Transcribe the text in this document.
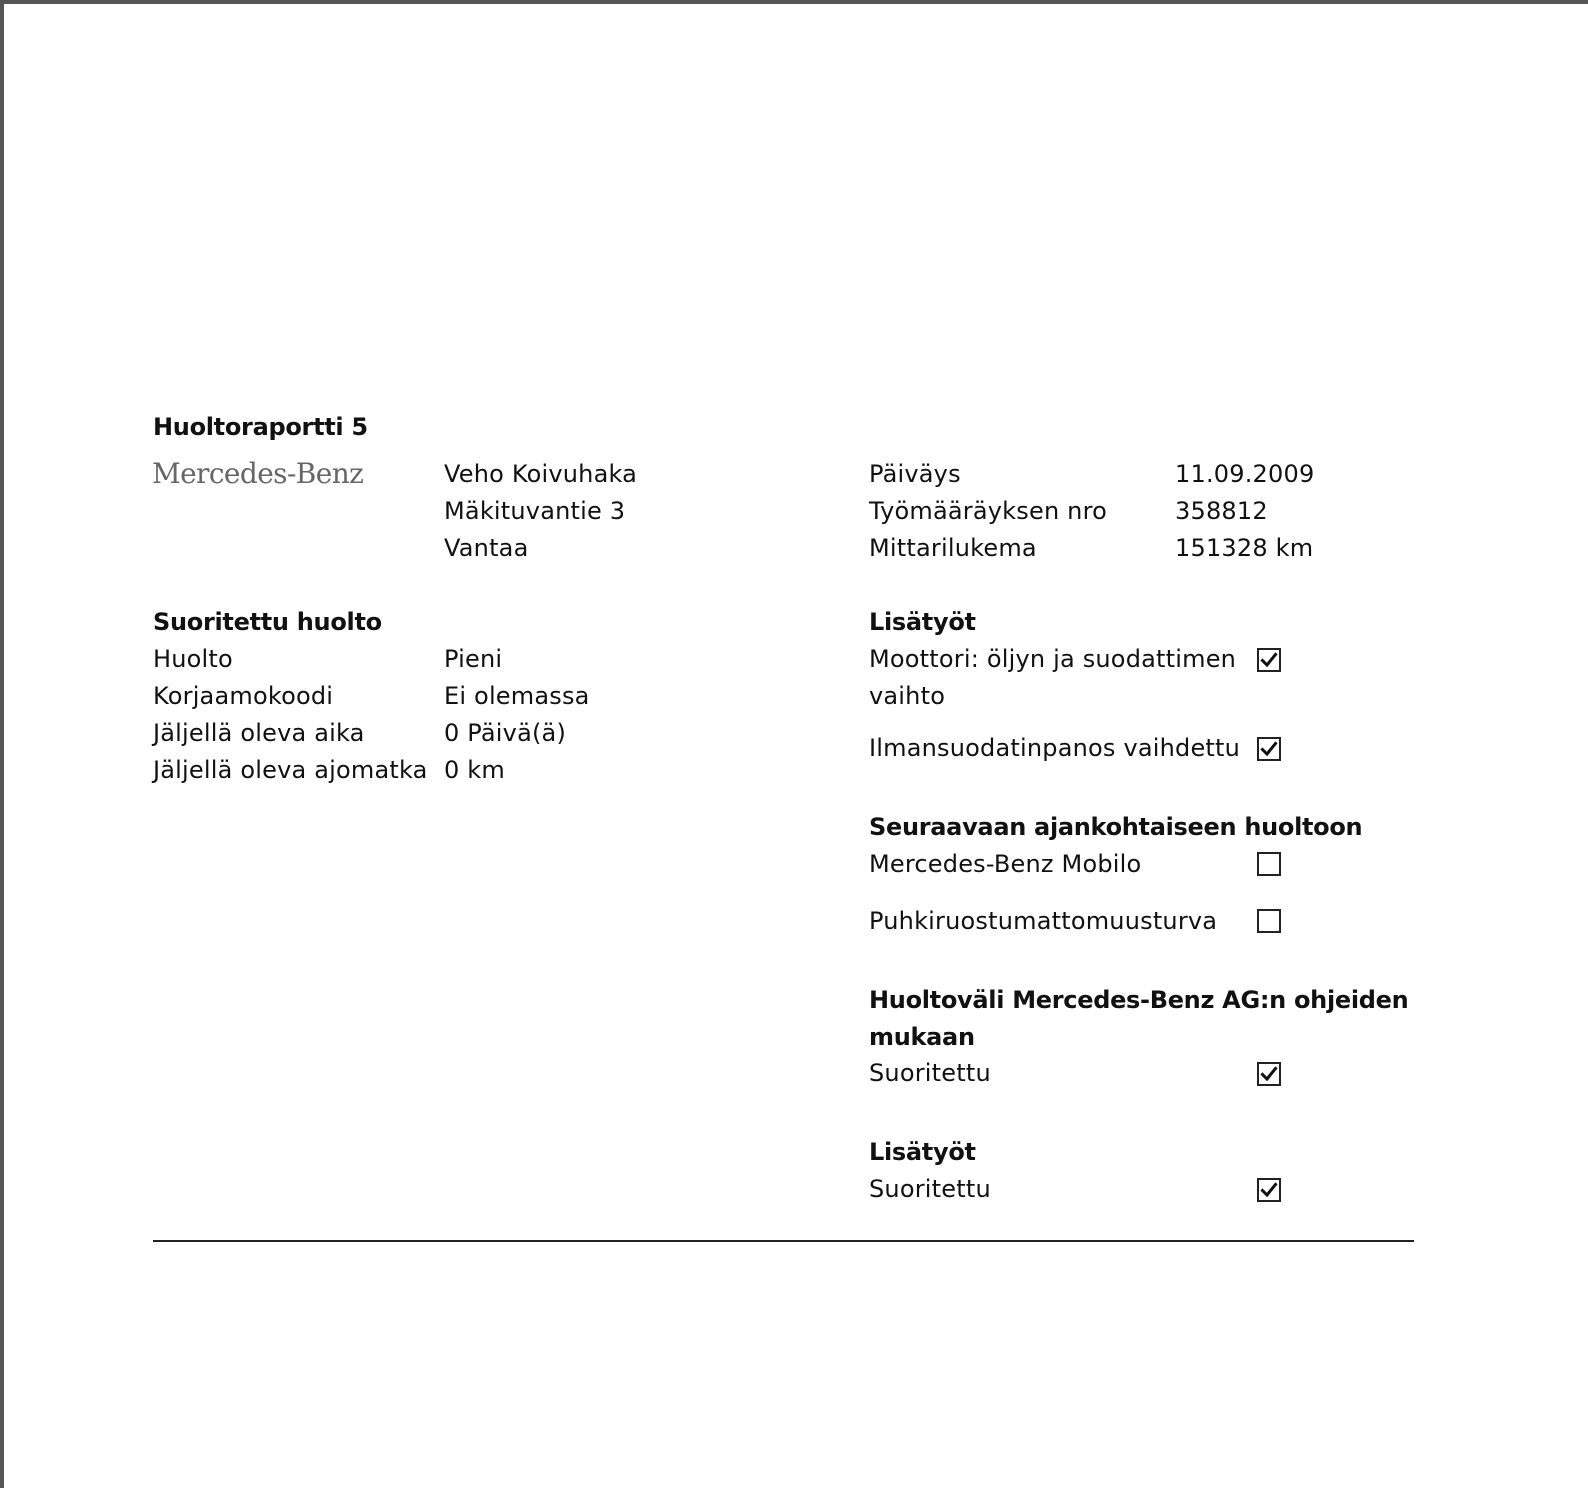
Huoltoraportti 5
Mercedes-Benz	Veho Koivuhaka
Mäkituvantie 3
Vantaa
Päiväys	11.09.2009
Työmääräyksen nro	358812
Mittarilukema	151328 km
Suoritettu huolto
Huolto	Pieni
Korjaamokoodi	Ei olemassa
Jäljellä oleva aika	0 Päivä(ä)
Jäljellä oleva ajomatka 0 km
Lisätyöt
Moottori: öljyn ja suodattimen
vaihto
Ilmansuodatinpanos vaihdettu
Seuraavaan ajankohtaiseen huoltoon
Mercedes-Benz Mobilo
Puhkiruostumattomuusturva
Huoltoväli Mercedes-Benz AG:n ohjeiden
mukaan
Suoritettu
Lisätyöt
Suoritettu
